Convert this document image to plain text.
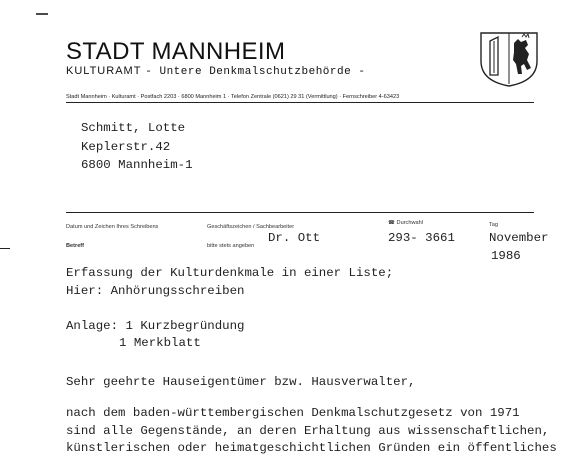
STADT MANNHEIM
KULTURAMT - Untere Denkmalschutzbehörde -
Stadt Mannheim · Kulturamt · Postfach 2203 · 6800 Mannheim 1 · Telefon Zentrale (0621) 29 31 (Vermittlung) · Fernschreiber 4-63423
Schmitt, Lotte
Keplerstr.42
6800 Mannheim-1
Datum und Zeichen Ihres Schreibens	Geschäftszeichen / Sachbearbeiter
☎ Durchwahl	Tag
Betreff	bitte stets angeben
Dr. Ott	293- 3661	November
1986
Erfassung der Kulturdenkmale in einer Liste;
Hier: Anhörungsschreiben
Anlage: 1 Kurzbegründung
1 Merkblatt
Sehr geehrte Hauseigentümer bzw. Hausverwalter,
nach dem baden-württembergischen Denkmalschutzgesetz von 1971
sind alle Gegenstände, an deren Erhaltung aus wissenschaftlichen,
künstlerischen oder heimatgeschichtlichen Gründen ein öffentliches
